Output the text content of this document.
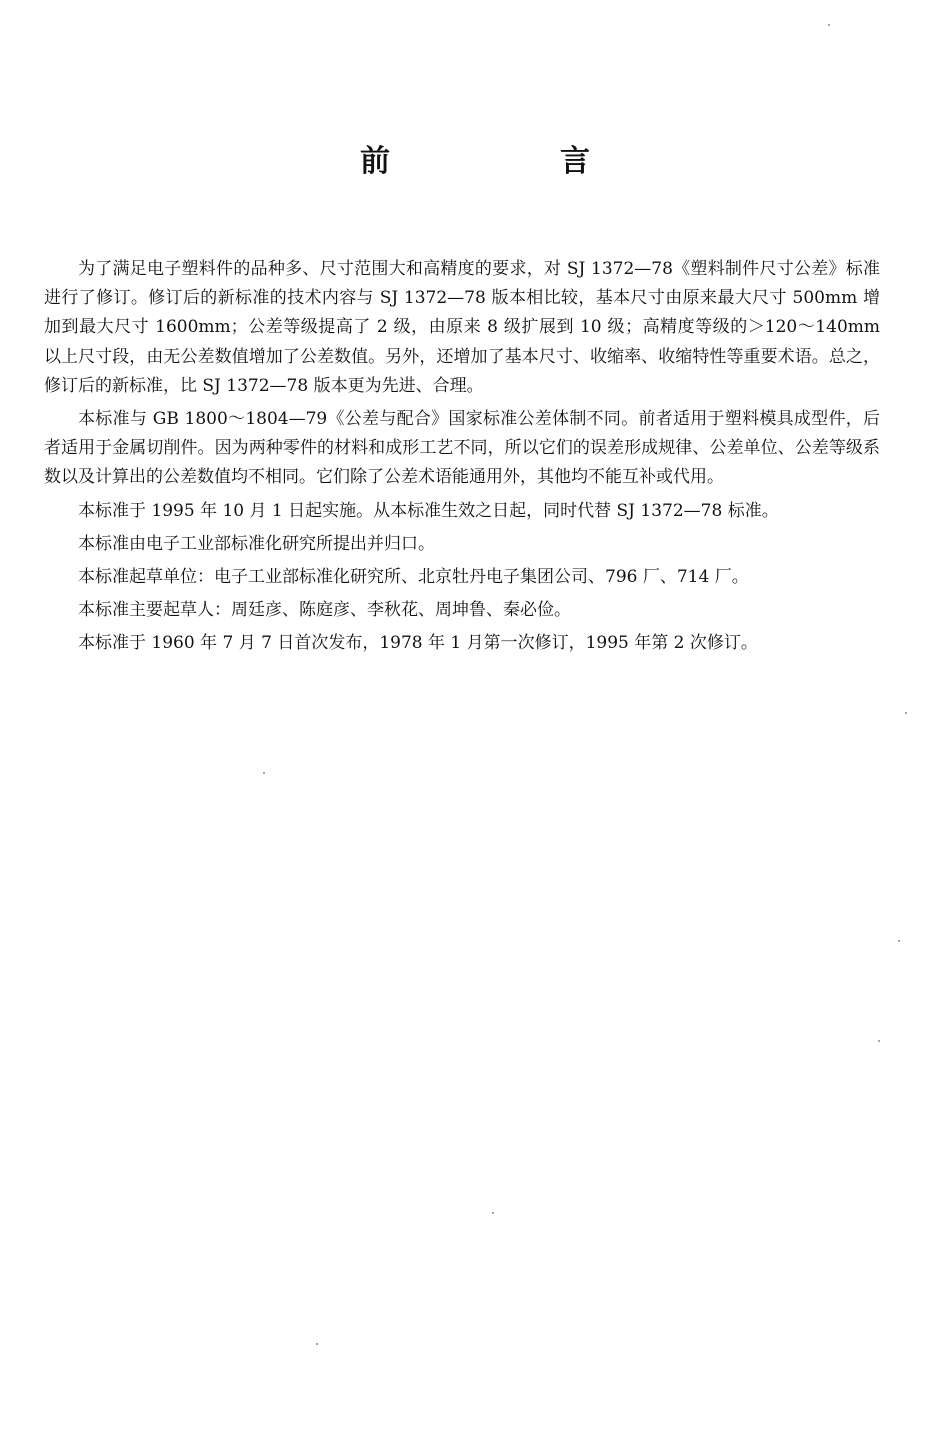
前　言

为了满足电子塑料件的品种多、尺寸范围大和高精度的要求，对 SJ 1372—78《塑料制件尺寸公差》标准进行了修订。修订后的新标准的技术内容与 SJ 1372—78 版本相比较，基本尺寸由原来最大尺寸 500mm 增加到最大尺寸 1600mm；公差等级提高了 2 级，由原来 8 级扩展到 10 级；高精度等级的＞120～140mm 以上尺寸段，由无公差数值增加了公差数值。另外，还增加了基本尺寸、收缩率、收缩特性等重要术语。总之，修订后的新标准，比 SJ 1372—78 版本更为先进、合理。

本标准与 GB 1800～1804—79《公差与配合》国家标准公差体制不同。前者适用于塑料模具成型件，后者适用于金属切削件。因为两种零件的材料和成形工艺不同，所以它们的误差形成规律、公差单位、公差等级系数以及计算出的公差数值均不相同。它们除了公差术语能通用外，其他均不能互补或代用。

本标准于 1995 年 10 月 1 日起实施。从本标准生效之日起，同时代替 SJ 1372—78 标准。

本标准由电子工业部标准化研究所提出并归口。

本标准起草单位：电子工业部标准化研究所、北京牡丹电子集团公司、796 厂、714 厂。

本标准主要起草人：周廷彦、陈庭彦、李秋花、周坤鲁、秦必俭。

本标准于 1960 年 7 月 7 日首次发布，1978 年 1 月第一次修订，1995 年第 2 次修订。
